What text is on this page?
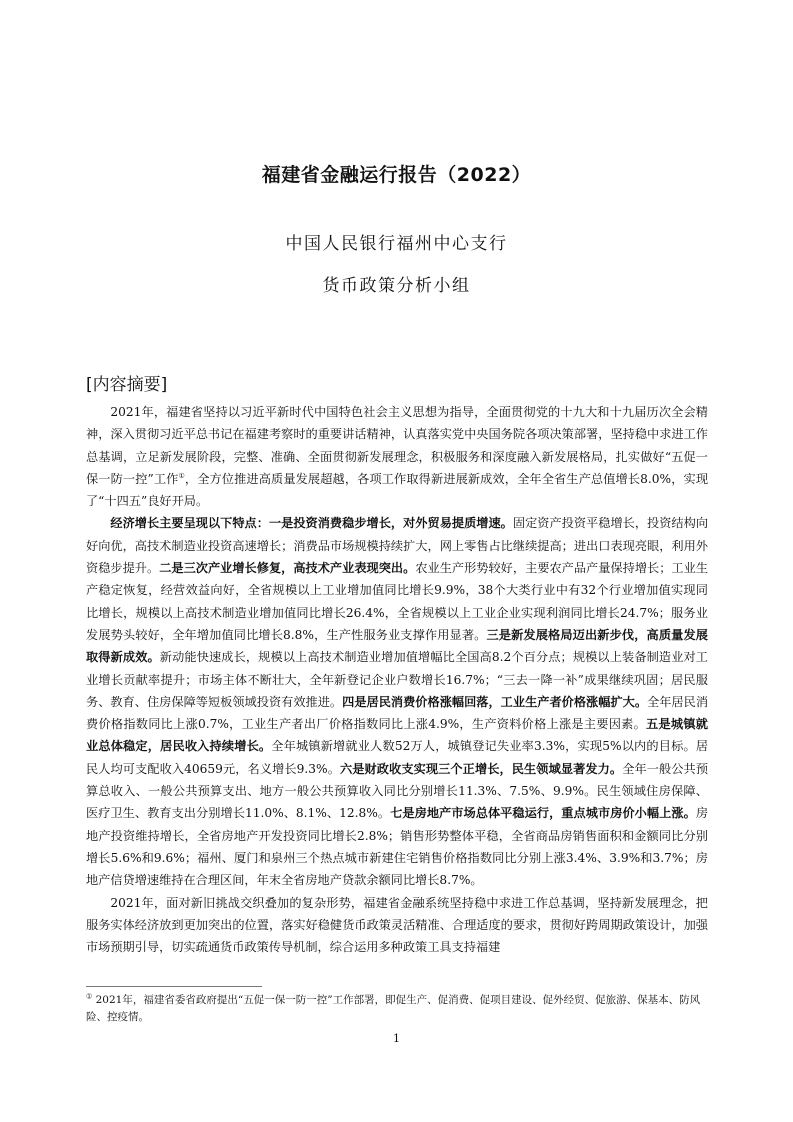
福建省金融运行报告（2022）
中国人民银行福州中心支行
货币政策分析小组
[内容摘要]

2021年，福建省坚持以习近平新时代中国特色社会主义思想为指导，全面贯彻党的十九大和十九届历次全会精神，深入贯彻习近平总书记在福建考察时的重要讲话精神，认真落实党中央国务院各项决策部署，坚持稳中求进工作总基调，立足新发展阶段，完整、准确、全面贯彻新发展理念，积极服务和深度融入新发展格局，扎实做好“五促一保一防一控”工作①，全方位推进高质量发展超越，各项工作取得新进展新成效，全年全省生产总值增长8.0%，实现了“十四五”良好开局。

经济增长主要呈现以下特点：一是投资消费稳步增长，对外贸易提质增速。固定资产投资平稳增长，投资结构向好向优，高技术制造业投资高速增长；消费品市场规模持续扩大，网上零售占比继续提高；进出口表现亮眼，利用外资稳步提升。二是三次产业增长修复，高技术产业表现突出。农业生产形势较好，主要农产品产量保持增长；工业生产稳定恢复，经营效益向好，全省规模以上工业增加值同比增长9.9%，38个大类行业中有32个行业增加值实现同比增长，规模以上高技术制造业增加值同比增长26.4%，全省规模以上工业企业实现利润同比增长24.7%；服务业发展势头较好，全年增加值同比增长8.8%，生产性服务业支撑作用显著。三是新发展格局迈出新步伐，高质量发展取得新成效。新动能快速成长，规模以上高技术制造业增加值增幅比全国高8.2个百分点；规模以上装备制造业对工业增长贡献率提升；市场主体不断壮大，全年新登记企业户数增长16.7%；“三去一降一补”成果继续巩固；居民服务、教育、住房保障等短板领域投资有效推进。四是居民消费价格涨幅回落，工业生产者价格涨幅扩大。全年居民消费价格指数同比上涨0.7%，工业生产者出厂价格指数同比上涨4.9%，生产资料价格上涨是主要因素。五是城镇就业总体稳定，居民收入持续增长。全年城镇新增就业人数52万人，城镇登记失业率3.3%，实现5%以内的目标。居民人均可支配收入40659元，名义增长9.3%。六是财政收支实现三个正增长，民生领域显著发力。全年一般公共预算总收入、一般公共预算支出、地方一般公共预算收入同比分别增长11.3%、7.5%、9.9%。民生领域住房保障、医疗卫生、教育支出分别增长11.0%、8.1%、12.8%。七是房地产市场总体平稳运行，重点城市房价小幅上涨。房地产投资维持增长，全省房地产开发投资同比增长2.8%；销售形势整体平稳，全省商品房销售面积和金额同比分别增长5.6%和9.6%；福州、厦门和泉州三个热点城市新建住宅销售价格指数同比分别上涨3.4%、3.9%和3.7%；房地产信贷增速维持在合理区间，年末全省房地产贷款余额同比增长8.7%。

2021年，面对新旧挑战交织叠加的复杂形势，福建省金融系统坚持稳中求进工作总基调，坚持新发展理念，把服务实体经济放到更加突出的位置，落实好稳健货币政策灵活精准、合理适度的要求，贯彻好跨周期政策设计，加强市场预期引导，切实疏通货币政策传导机制，综合运用多种政策工具支持福建

① 2021年，福建省委省政府提出“五促一保一防一控”工作部署，即促生产、促消费、促项目建设、促外经贸、促旅游、保基本、防风险、控疫情。
1
